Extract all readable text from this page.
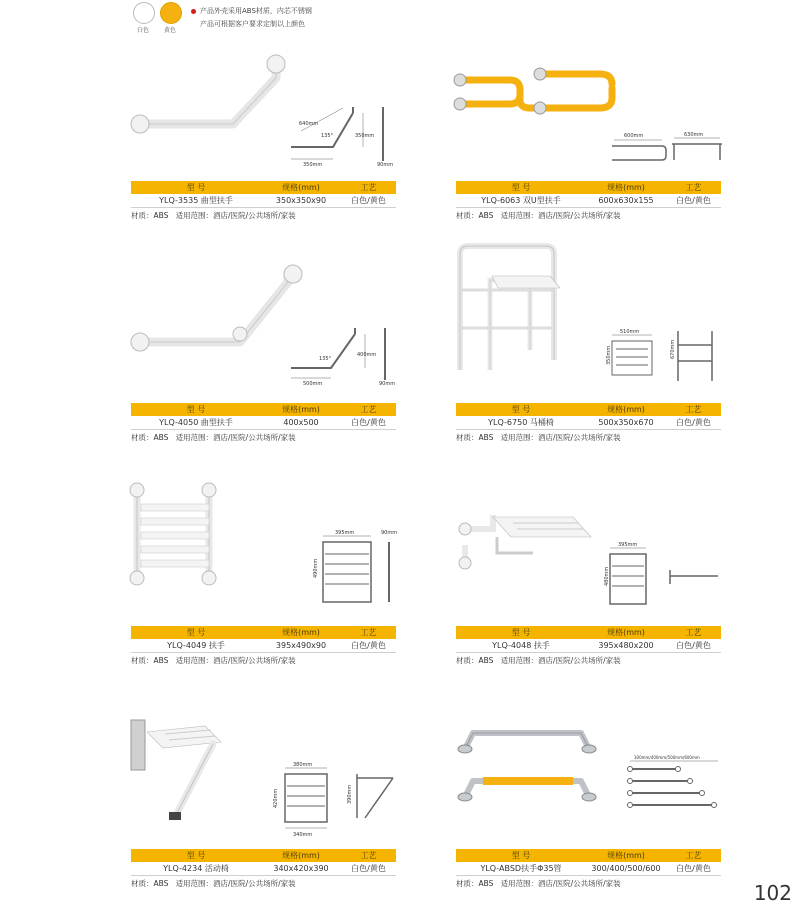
白色 黄色
产品外壳采用ABS材质，内芯不锈钢
产品可根据客户要求定制以上颜色
640mm
135°	350mm
350mm	90mm
600mm	630mm
135°
400mm
500mm	90mm
510mm
350mm	670mm
395mm	90mm
490mm
395mm
480mm
380mm
420mm
340mm
390mm
300mm/400mm/500mm/600mm
型 号	规格(mm)	工艺
YLQ-3535 曲型扶手	350x350x90	白色/黄色
材质：ABS 适用范围：酒店/医院/公共场所/家装
型 号	规格(mm)	工艺
YLQ-6063 双U型扶手	600x630x155	白色/黄色
材质：ABS 适用范围：酒店/医院/公共场所/家装
型 号	规格(mm)	工艺
YLQ-4050 曲型扶手	400x500	白色/黄色
材质：ABS 适用范围：酒店/医院/公共场所/家装
型 号	规格(mm)	工艺
YLQ-6750 马桶椅	500x350x670	白色/黄色
材质：ABS 适用范围：酒店/医院/公共场所/家装
型 号	规格(mm)	工艺
YLQ-4049 扶手	395x490x90	白色/黄色
材质：ABS 适用范围：酒店/医院/公共场所/家装
型 号	规格(mm)	工艺
YLQ-4048 扶手	395x480x200	白色/黄色
材质：ABS 适用范围：酒店/医院/公共场所/家装
型 号	规格(mm)	工艺
YLQ-4234 活动椅	340x420x390	白色/黄色
材质：ABS 适用范围：酒店/医院/公共场所/家装
型 号	规格(mm)	工艺
YLQ-ABSD扶手Φ35管	300/400/500/600	白色/黄色
材质：ABS 适用范围：酒店/医院/公共场所/家装	102
